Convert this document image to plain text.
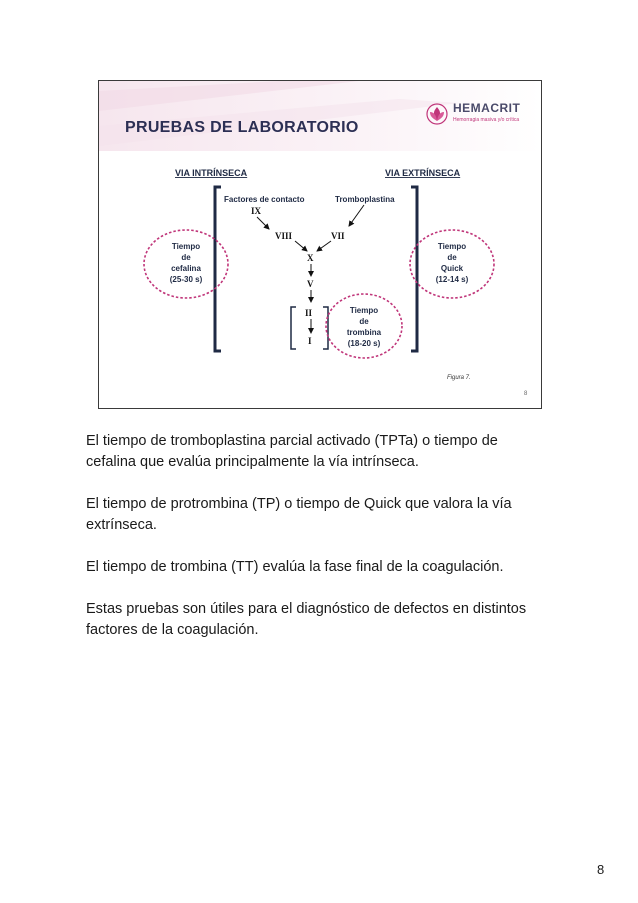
PRUEBAS DE LABORATORIO
HEMACRIT
Hemorragia masiva y/o crítica
VIA INTRÍNSECA	VIA EXTRÍNSECA
Factores de contacto	Tromboplastina
IX
VIII	VII
X
V
II
I
Tiempo
de
cefalina
(25-30 s)
Tiempo
de
Quick
(12-14 s)
Tiempo
de
trombina
(18-20 s)
Figura 7.
8

El tiempo de tromboplastina parcial activado (TPTa) o tiempo de
cefalina que evalúa principalmente la vía intrínseca.

El tiempo de protrombina (TP) o tiempo de Quick que valora la vía
extrínseca.

El tiempo de trombina (TT) evalúa la fase final de la coagulación.

Estas pruebas son útiles para el diagnóstico de defectos en distintos
factores de la coagulación.

8
